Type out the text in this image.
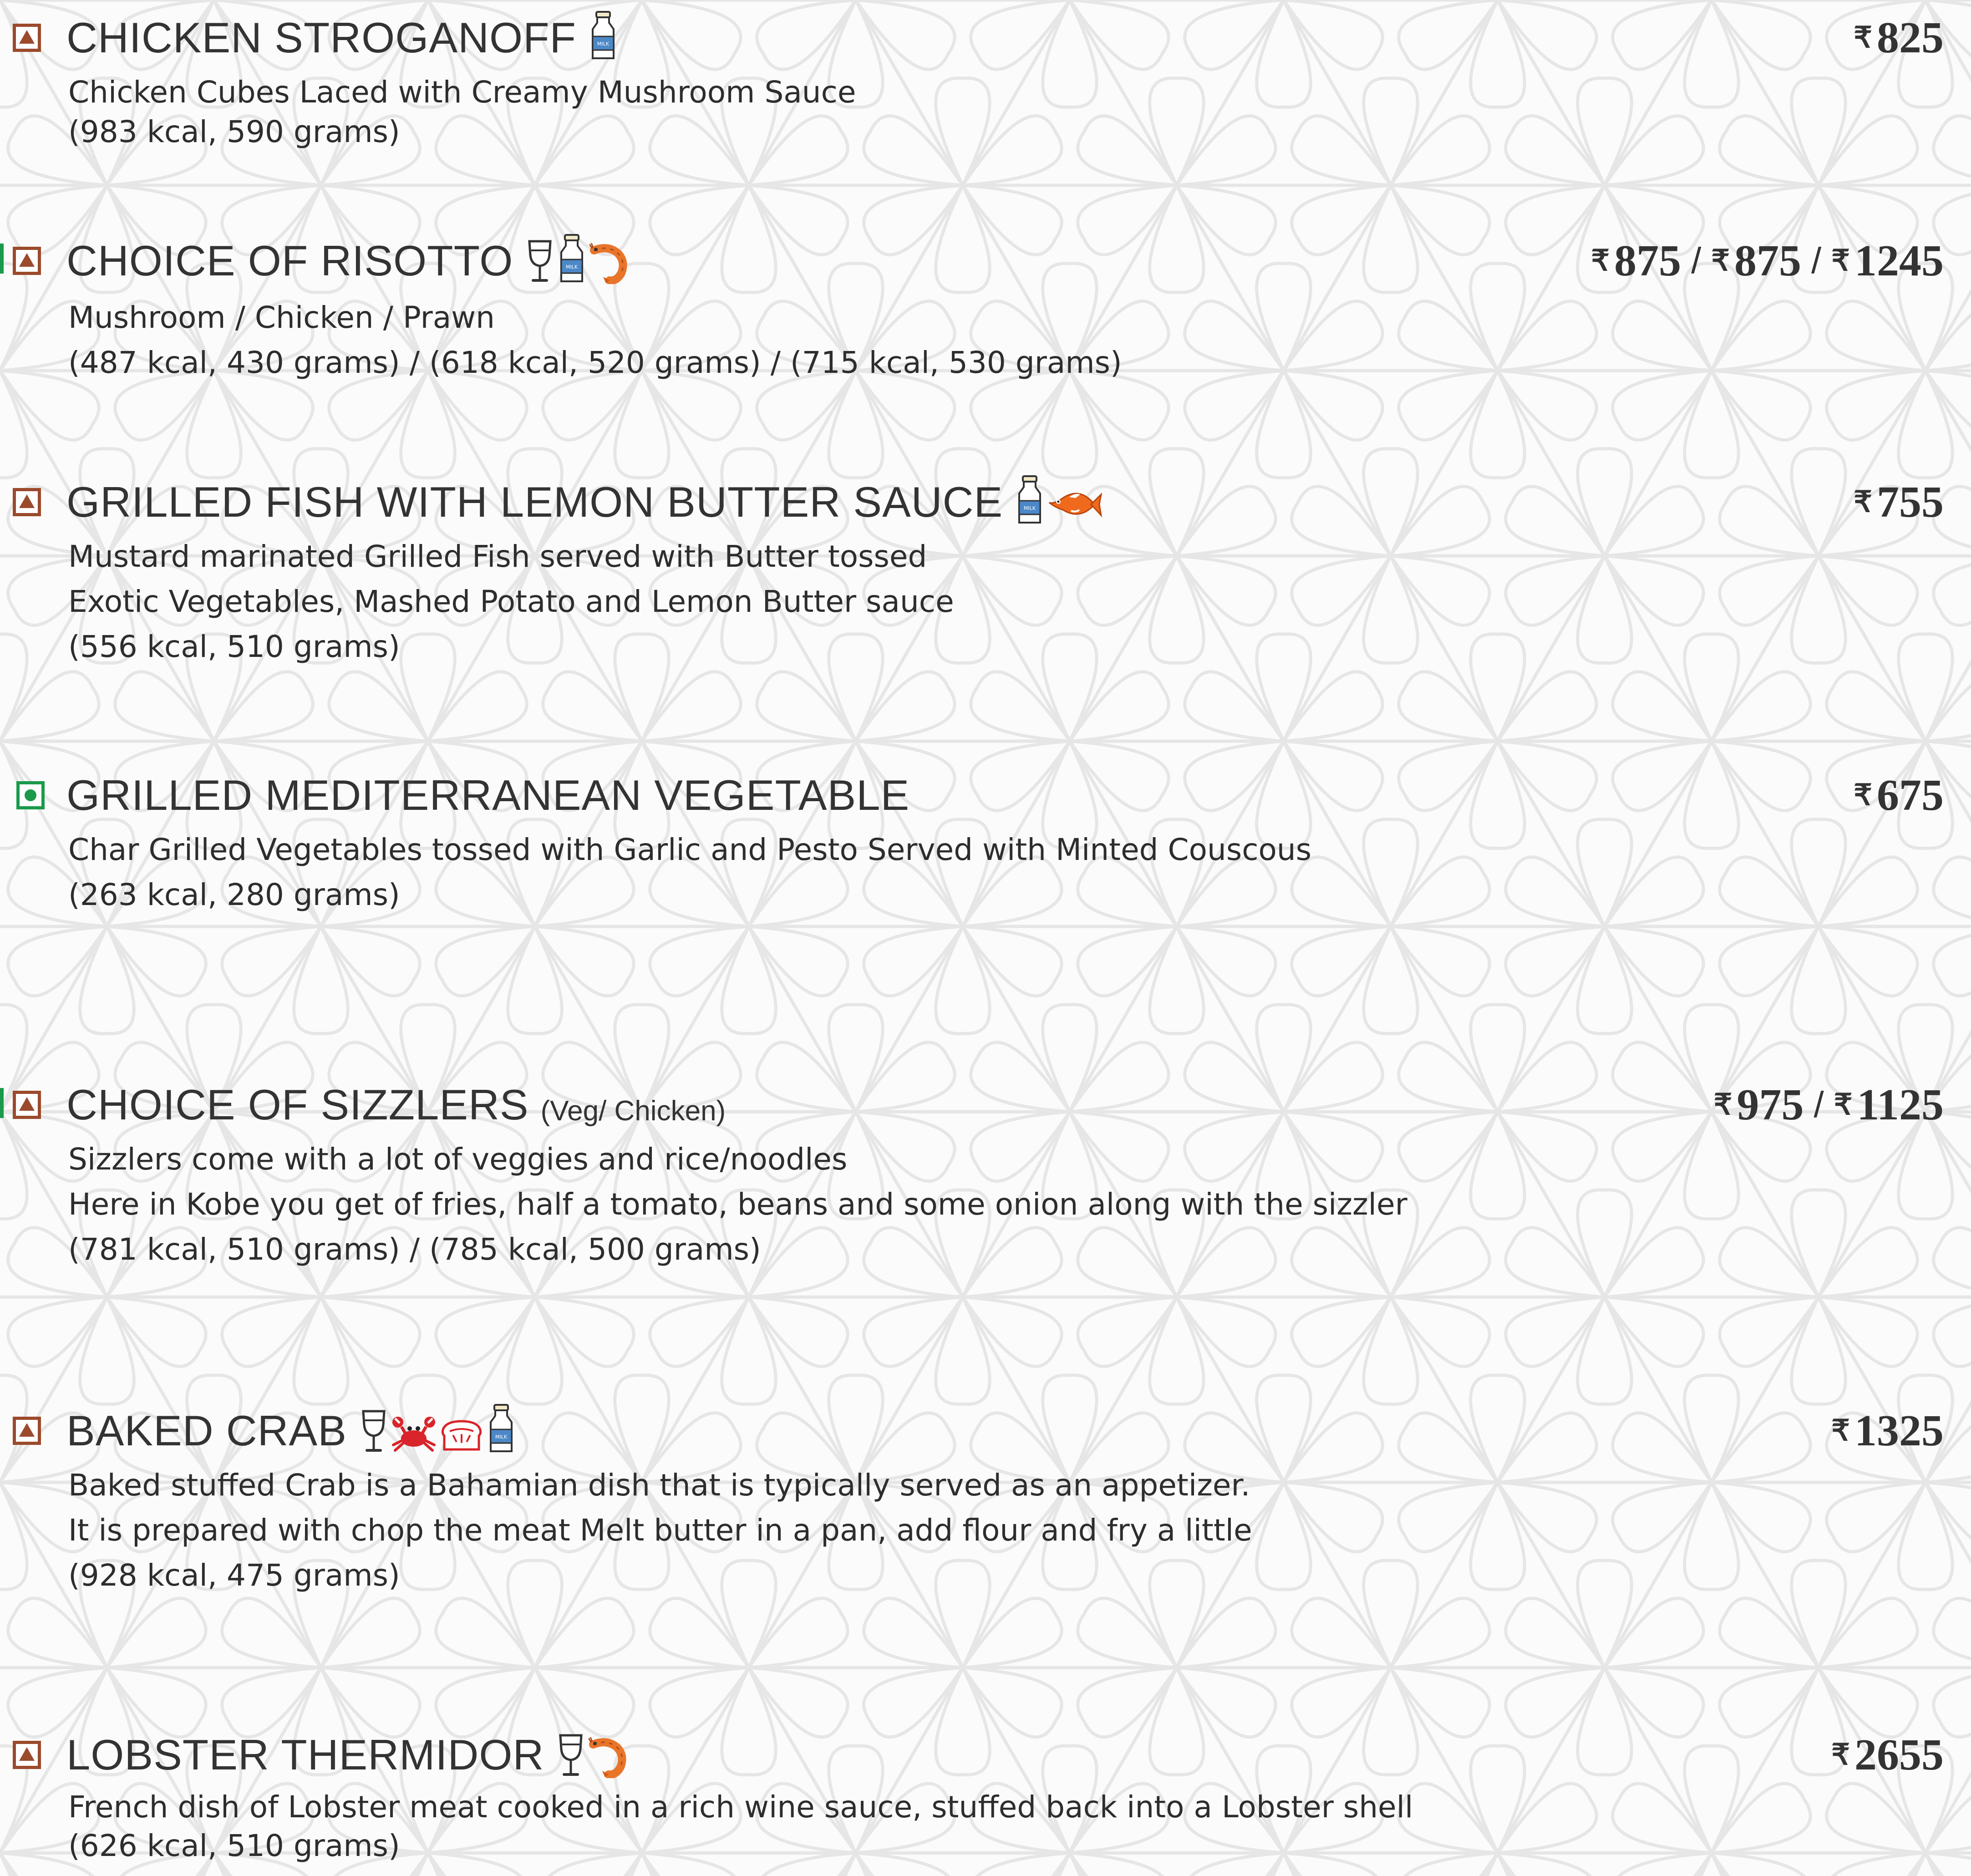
CHICKEN STROGANOFF	MILK	₹ 825
Chicken Cubes Laced with Creamy Mushroom Sauce
(983 kcal, 590 grams)
CHOICE OF RISOTTO	MILK	₹ 875 / ₹ 875 / ₹ 1245
Mushroom / Chicken / Prawn
(487 kcal, 430 grams) / (618 kcal, 520 grams) / (715 kcal, 530 grams)
GRILLED FISH WITH LEMON BUTTER SAUCE	MILK	₹ 755
Mustard marinated Grilled Fish served with Butter tossed
Exotic Vegetables, Mashed Potato and Lemon Butter sauce
(556 kcal, 510 grams)
GRILLED MEDITERRANEAN VEGETABLE	₹ 675
Char Grilled Vegetables tossed with Garlic and Pesto Served with Minted Couscous
(263 kcal, 280 grams)
CHOICE OF SIZZLERS (Veg/ Chicken)	₹ 975 / ₹ 1125
Sizzlers come with a lot of veggies and rice/noodles
Here in Kobe you get of fries, half a tomato, beans and some onion along with the sizzler
(781 kcal, 510 grams) / (785 kcal, 500 grams)
BAKED CRAB	MILK	₹ 1325
Baked stuffed Crab is a Bahamian dish that is typically served as an appetizer.
It is prepared with chop the meat Melt butter in a pan, add flour and fry a little
(928 kcal, 475 grams)
LOBSTER THERMIDOR	₹ 2655
French dish of Lobster meat cooked in a rich wine sauce, stuffed back into a Lobster shell
(626 kcal, 510 grams)
